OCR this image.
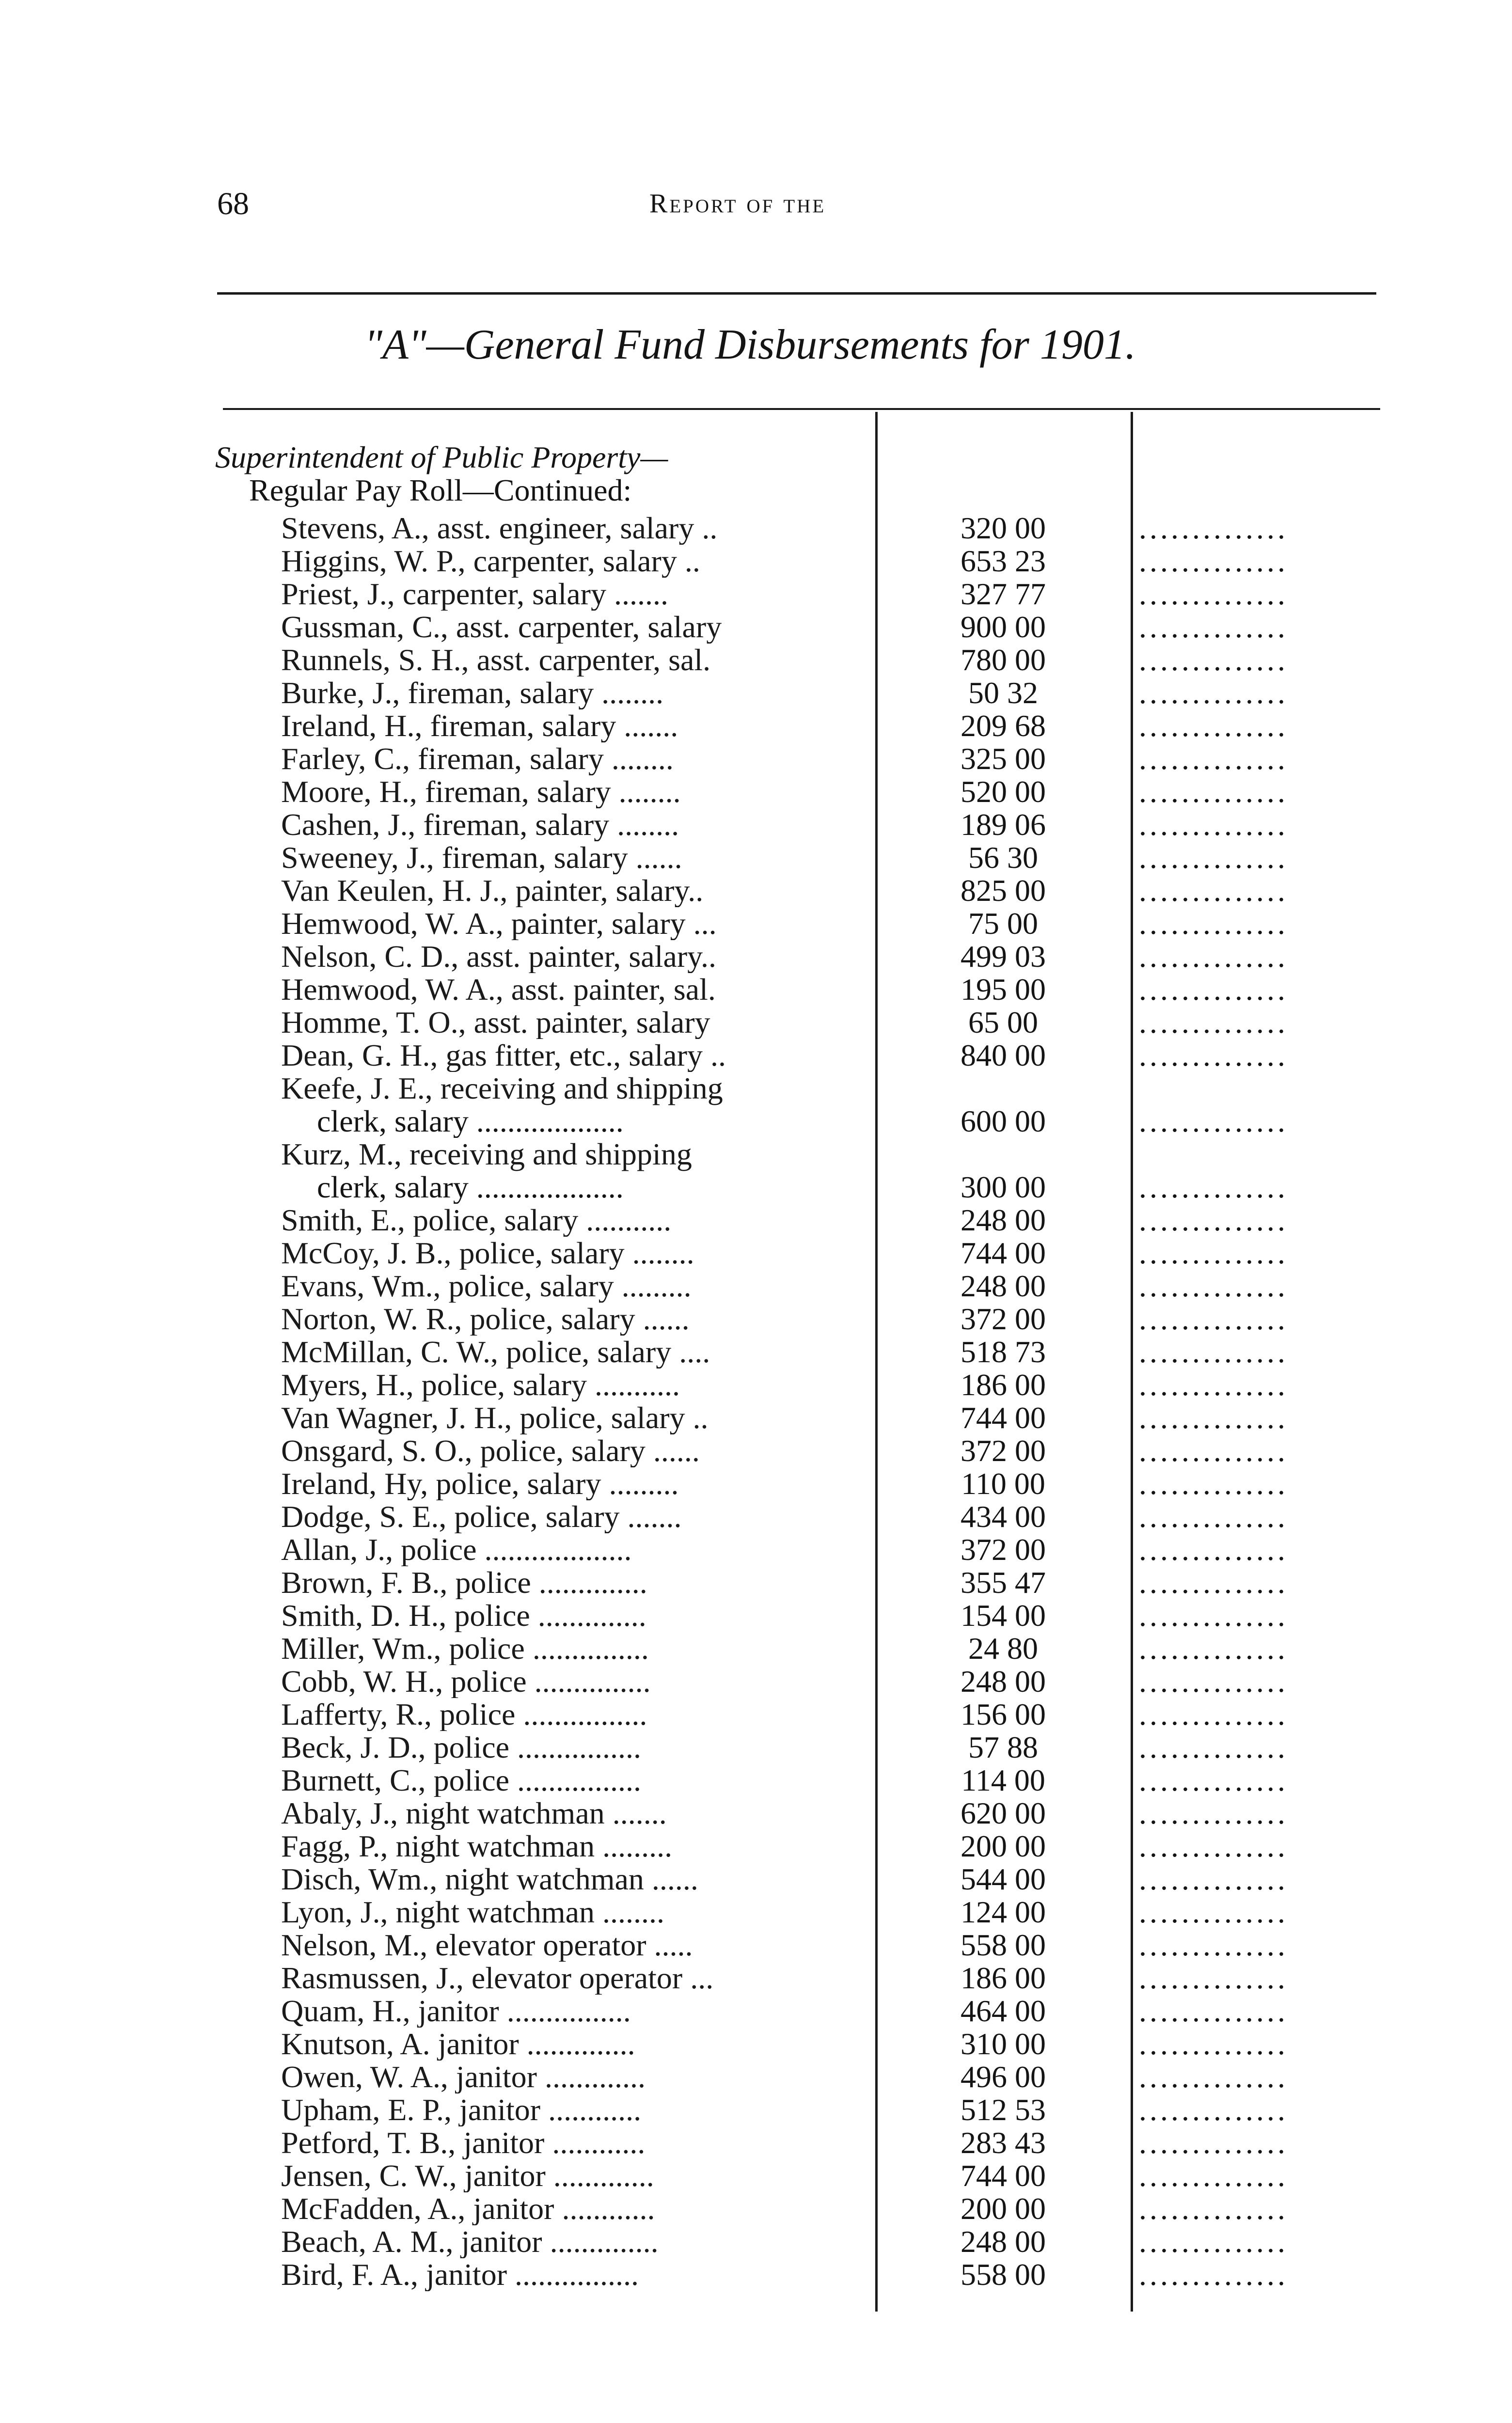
68	Report of the
"A"—General Fund Disbursements for 1901.
Superintendent of Public Property—
Regular Pay Roll—Continued:
Stevens, A., asst. engineer, salary ..	320 00	..............
Higgins, W. P., carpenter, salary ..	653 23	..............
Priest, J., carpenter, salary .......	327 77	..............
Gussman, C., asst. carpenter, salary	900 00	..............
Runnels, S. H., asst. carpenter, sal.	780 00	..............
Burke, J., fireman, salary ........	50 32	..............
Ireland, H., fireman, salary .......	209 68	..............
Farley, C., fireman, salary ........	325 00	..............
Moore, H., fireman, salary ........	520 00	..............
Cashen, J., fireman, salary ........	189 06	..............
Sweeney, J., fireman, salary ......	56 30	..............
Van Keulen, H. J., painter, salary..	825 00	..............
Hemwood, W. A., painter, salary ...	75 00	..............
Nelson, C. D., asst. painter, salary..	499 03	..............
Hemwood, W. A., asst. painter, sal.	195 00	..............
Homme, T. O., asst. painter, salary	65 00	..............
Dean, G. H., gas fitter, etc., salary ..	840 00	..............
Keefe, J. E., receiving and shipping
clerk, salary ...................	600 00	..............
Kurz, M., receiving and shipping
clerk, salary ...................	300 00	..............
Smith, E., police, salary ...........	248 00	..............
McCoy, J. B., police, salary ........	744 00	..............
Evans, Wm., police, salary .........	248 00	..............
Norton, W. R., police, salary ......	372 00	..............
McMillan, C. W., police, salary ....	518 73	..............
Myers, H., police, salary ...........	186 00	..............
Van Wagner, J. H., police, salary ..	744 00	..............
Onsgard, S. O., police, salary ......	372 00	..............
Ireland, Hy, police, salary .........	110 00	..............
Dodge, S. E., police, salary .......	434 00	..............
Allan, J., police ...................	372 00	..............
Brown, F. B., police ..............	355 47	..............
Smith, D. H., police ..............	154 00	..............
Miller, Wm., police ...............	24 80	..............
Cobb, W. H., police ...............	248 00	..............
Lafferty, R., police ................	156 00	..............
Beck, J. D., police ................	57 88	..............
Burnett, C., police ................	114 00	..............
Abaly, J., night watchman .......	620 00	..............
Fagg, P., night watchman .........	200 00	..............
Disch, Wm., night watchman ......	544 00	..............
Lyon, J., night watchman ........	124 00	..............
Nelson, M., elevator operator .....	558 00	..............
Rasmussen, J., elevator operator ...	186 00	..............
Quam, H., janitor ................	464 00	..............
Knutson, A. janitor ..............	310 00	..............
Owen, W. A., janitor .............	496 00	..............
Upham, E. P., janitor ............	512 53	..............
Petford, T. B., janitor ............	283 43	..............
Jensen, C. W., janitor .............	744 00	..............
McFadden, A., janitor ............	200 00	..............
Beach, A. M., janitor ..............	248 00	..............
Bird, F. A., janitor ................	558 00	..............
